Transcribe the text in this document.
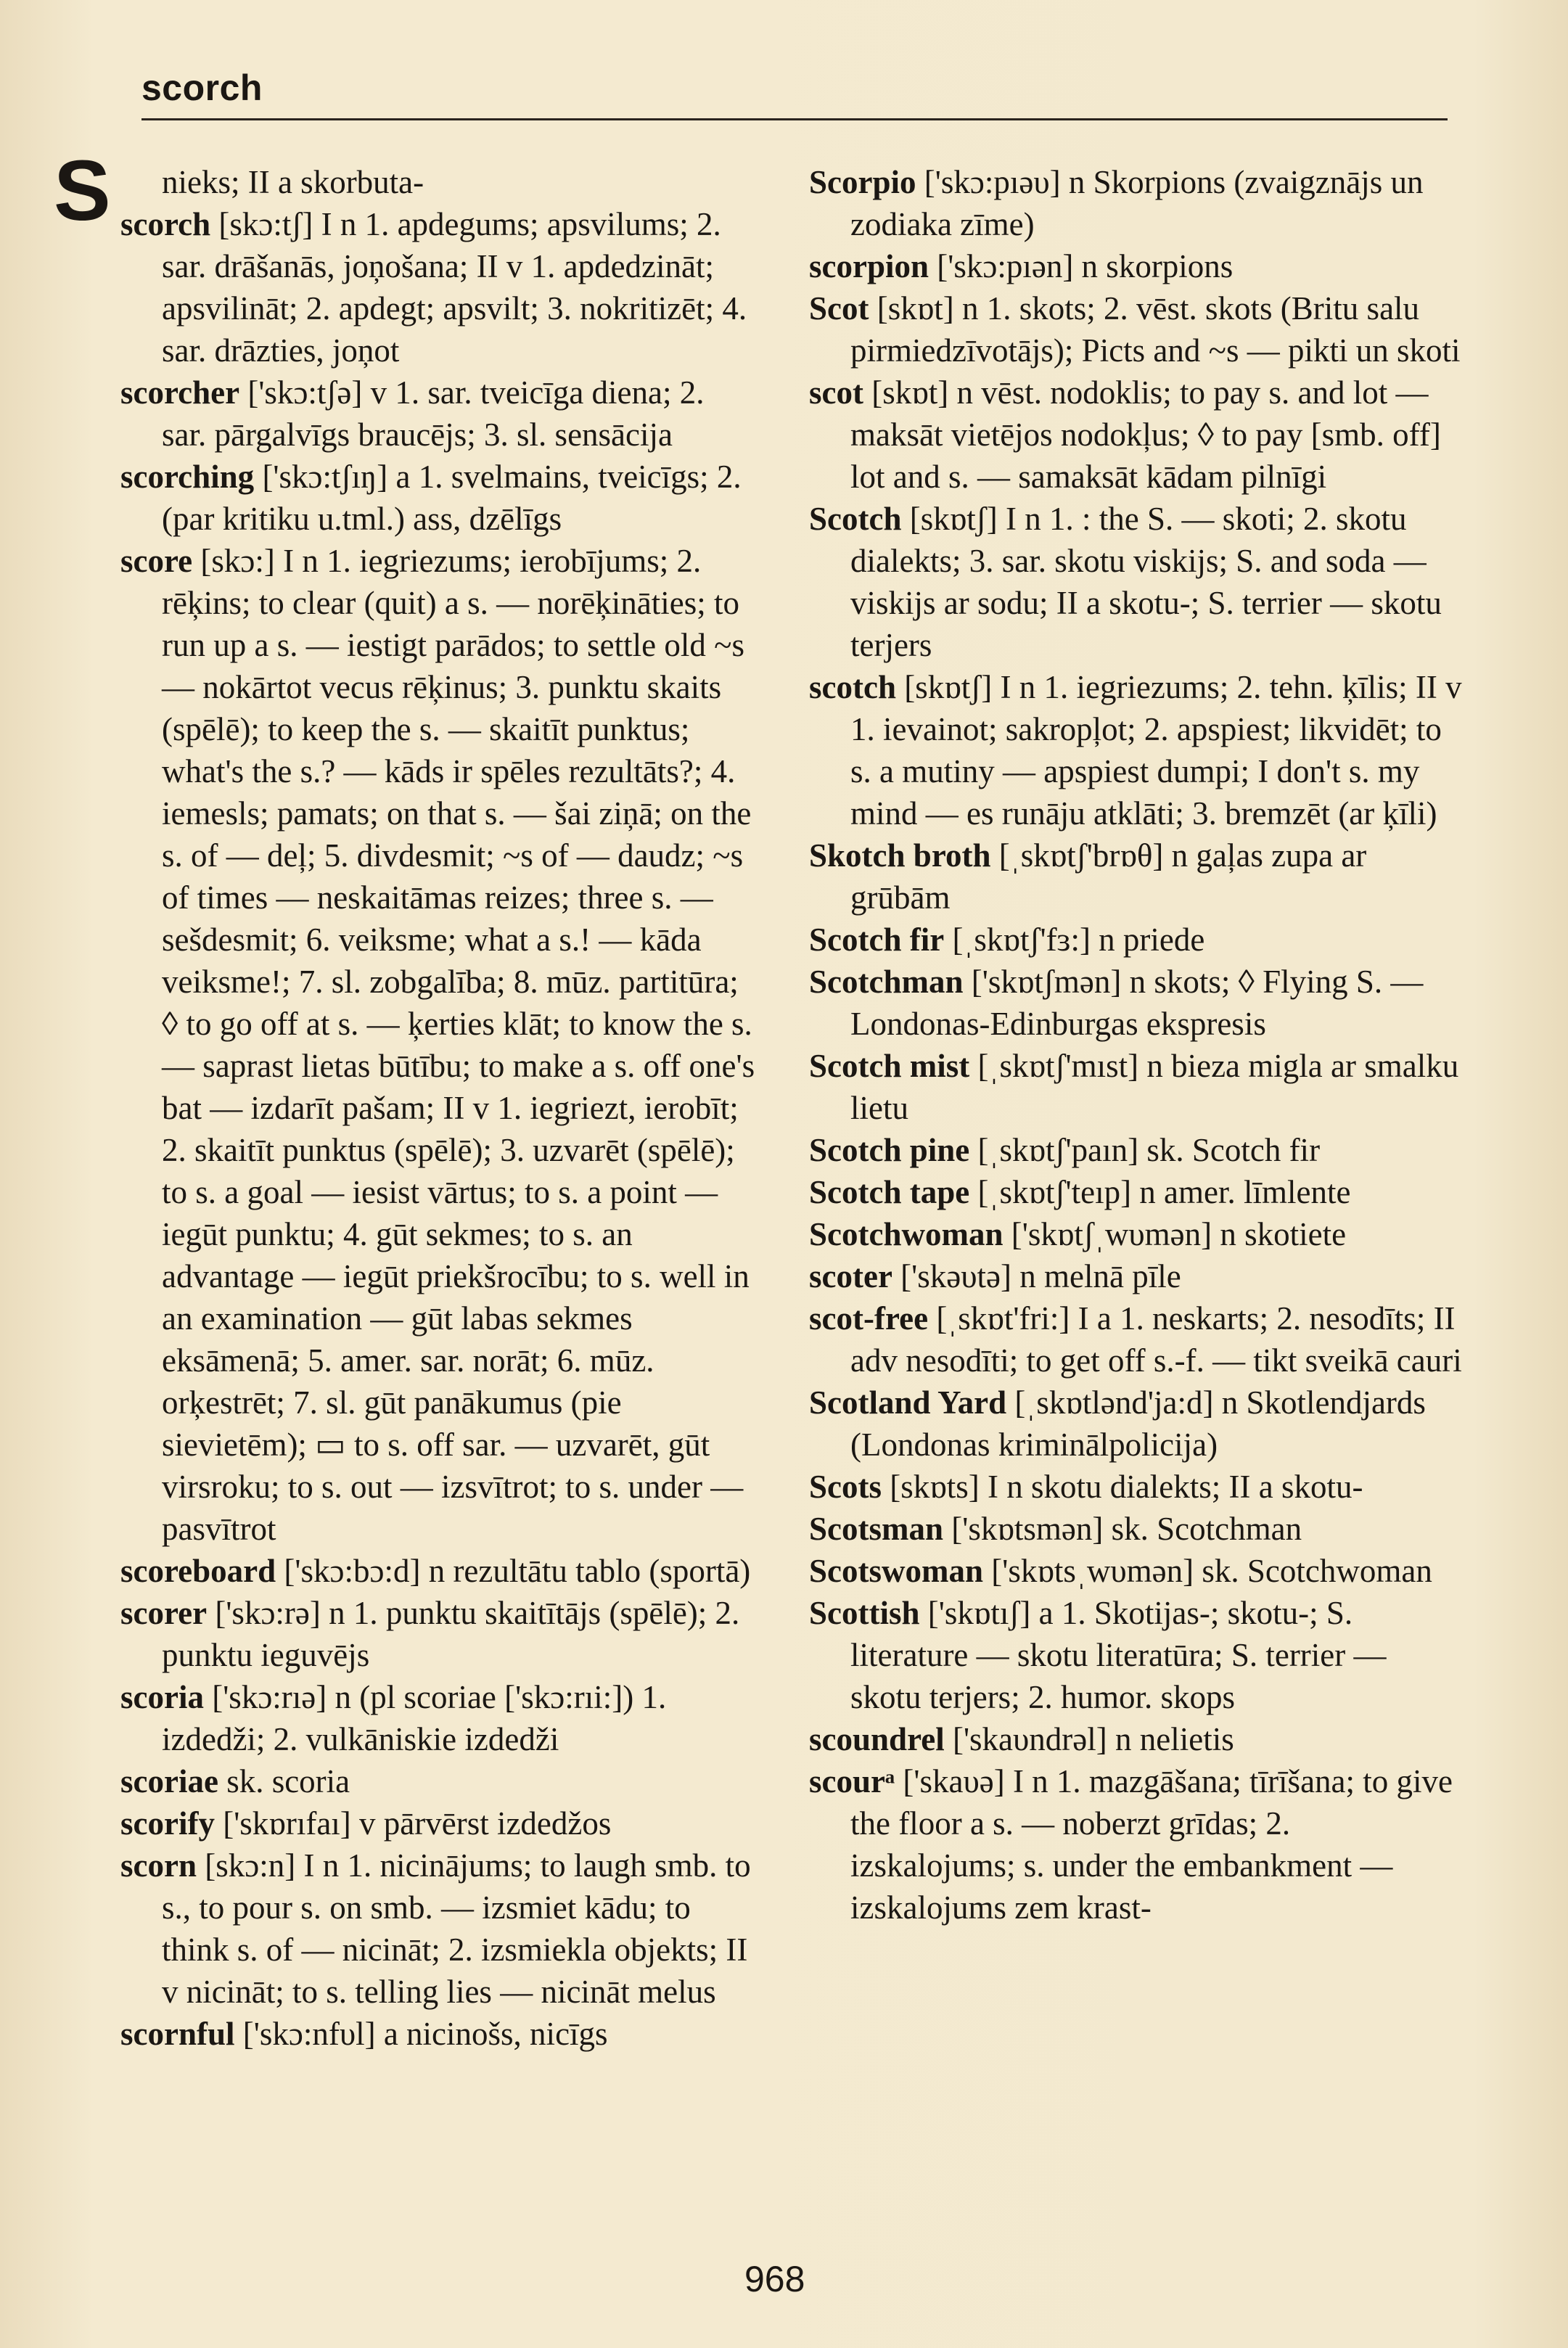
scorch
S	nieks; II a skorbuta-

scorch [skɔ:tʃ] I n 1. apdegums; apsvilums; 2. sar. drāšanās, joņošana; II v 1. apdedzināt; apsvilināt; 2. apdegt; apsvilt; 3. nokritizēt; 4. sar. drāzties, joņot

scorcher ['skɔ:tʃə] v 1. sar. tveicīga diena; 2. sar. pārgalvīgs braucējs; 3. sl. sensācija

scorching ['skɔ:tʃıŋ] a 1. svelmains, tveicīgs; 2. (par kritiku u.tml.) ass, dzēlīgs

score [skɔ:] I n 1. iegriezums; ierobījums; 2. rēķins; to clear (quit) a s. — norēķināties; to run up a s. — iestigt parādos; to settle old ~s — nokārtot vecus rēķinus; 3. punktu skaits (spēlē); to keep the s. — skaitīt punktus; what's the s.? — kāds ir spēles rezultāts?; 4. iemesls; pamats; on that s. — šai ziņā; on the s. of — deļ; 5. divdesmit; ~s of — daudz; ~s of times — neskaitāmas reizes; three s. — sešdesmit; 6. veiksme; what a s.! — kāda veiksme!; 7. sl. zobgalība; 8. mūz. partitūra; ◊ to go off at s. — ķerties klāt; to know the s. — saprast lietas būtību; to make a s. off one's bat — izdarīt pašam; II v 1. iegriezt, ierobīt; 2. skaitīt punktus (spēlē); 3. uzvarēt (spēlē); to s. a goal — iesist vārtus; to s. a point — iegūt punktu; 4. gūt sekmes; to s. an advantage — iegūt priekšrocību; to s. well in an examination — gūt labas sekmes eksāmenā; 5. amer. sar. norāt; 6. mūz. orķestrēt; 7. sl. gūt panākumus (pie sievietēm); ▭ to s. off sar. — uzvarēt, gūt virsroku; to s. out — izsvītrot; to s. under — pasvītrot

scoreboard ['skɔ:bɔ:d] n rezultātu tablo (sportā)

scorer ['skɔ:rə] n 1. punktu skaitītājs (spēlē); 2. punktu ieguvējs

scoria ['skɔ:rıə] n (pl scoriae ['skɔ:rıi:]) 1. izdedži; 2. vulkāniskie izdedži

scoriae sk. scoria

scorify ['skɒrıfaı] v pārvērst izdedžos

scorn [skɔ:n] I n 1. nicinājums; to laugh smb. to s., to pour s. on smb. — izsmiet kādu; to think s. of — nicināt; 2. izsmiekla objekts; II v nicināt; to s. telling lies — nicināt melus

scornful ['skɔ:nfυl] a nicinošs, nicīgs

Scorpio ['skɔ:pıəυ] n Skorpions (zvaigznājs un zodiaka zīme)

scorpion ['skɔ:pıən] n skorpions

Scot [skɒt] n 1. skots; 2. vēst. skots (Britu salu pirmiedzīvotājs); Picts and ~s — pikti un skoti

scot [skɒt] n vēst. nodoklis; to pay s. and lot — maksāt vietējos nodokļus; ◊ to pay [smb. off] lot and s. — samaksāt kādam pilnīgi

Scotch [skɒtʃ] I n 1. : the S. — skoti; 2. skotu dialekts; 3. sar. skotu viskijs; S. and soda — viskijs ar sodu; II a skotu-; S. terrier — skotu terjers

scotch [skɒtʃ] I n 1. iegriezums; 2. tehn. ķīlis; II v 1. ievainot; sakropļot; 2. apspiest; likvidēt; to s. a mutiny — apspiest dumpi; I don't s. my mind — es runāju atklāti; 3. bremzēt (ar ķīli)

Skotch broth [ˌskɒtʃ'brɒθ] n gaļas zupa ar grūbām

Scotch fir [ˌskɒtʃ'fɜ:] n priede

Scotchman ['skɒtʃmən] n skots; ◊ Flying S. — Londonas-Edinburgas ekspresis

Scotch mist [ˌskɒtʃ'mıst] n bieza migla ar smalku lietu

Scotch pine [ˌskɒtʃ'paın] sk. Scotch fir

Scotch tape [ˌskɒtʃ'teıp] n amer. līmlente

Scotchwoman ['skɒtʃˌwυmən] n skotiete

scoter ['skəυtə] n melnā pīle

scot-free [ˌskɒt'fri:] I a 1. neskarts; 2. nesodīts; II adv nesodīti; to get off s.-f. — tikt sveikā cauri

Scotland Yard [ˌskɒtlənd'ja:d] n Skotlendjards (Londonas kriminālpolicija)

Scots [skɒts] I n skotu dialekts; II a skotu-

Scotsman ['skɒtsmən] sk. Scotchman

Scotswoman ['skɒtsˌwυmən] sk. Scotchwoman

Scottish ['skɒtıʃ] a 1. Skotijas-; skotu-; S. literature — skotu literatūra; S. terrier — skotu terjers; 2. humor. skops

scoundrel ['skaυndrəl] n nelietis

scourᵃ ['skaυə] I n 1. mazgāšana; tīrīšana; to give the floor a s. — noberzt grīdas; 2. izskalojums; s. under the embankment — izskalojums zem krast-

968
